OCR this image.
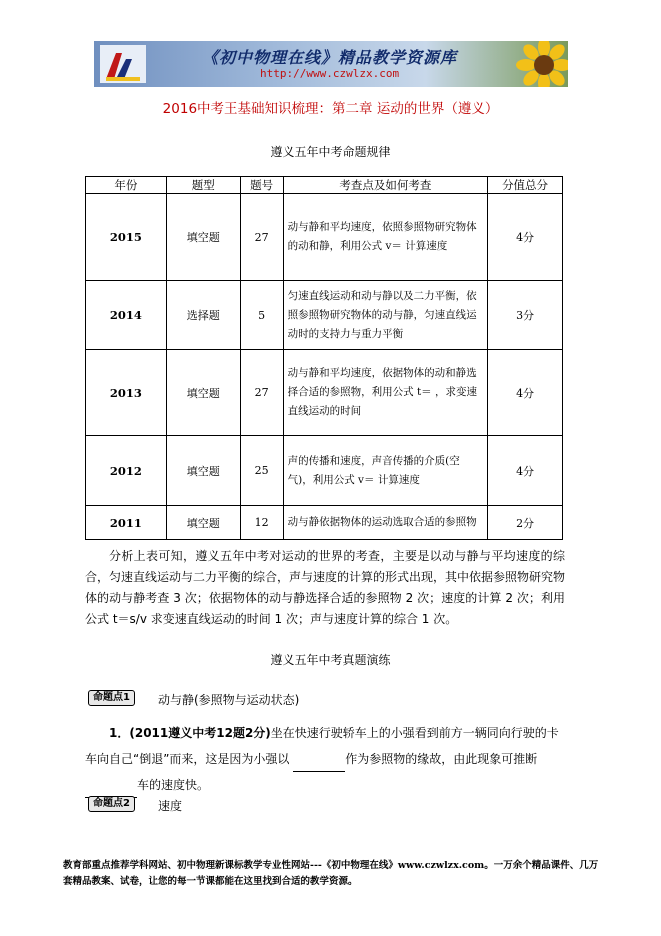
《初中物理在线》精品教学资源库
http://www.czwlzx.com
2016中考王基础知识梳理：第二章 运动的世界（遵义）
遵义五年中考命题规律
年份	题型	题号	考查点及如何考查	分值总分
2015	填空题	27	动与静和平均速度，依照参照物研究物体的动和静，利用公式 v＝ 计算速度	4分
2014	选择题	5	匀速直线运动和动与静以及二力平衡，依照参照物研究物体的动与静，匀速直线运动时的支持力与重力平衡	3分
2013	填空题	27	动与静和平均速度，依据物体的动和静选择合适的参照物，利用公式 t＝ ，求变速直线运动的时间	4分
2012	填空题	25	声的传播和速度，声音传播的介质(空气)，利用公式 v＝ 计算速度	4分
2011	填空题	12	动与静依据物体的运动选取合适的参照物	2分

分析上表可知，遵义五年中考对运动的世界的考查，主要是以动与静与平均速度的综合，匀速直线运动与二力平衡的综合，声与速度的计算的形式出现，其中依据参照物研究物体的动与静考查 3 次；依据物体的动与静选择合适的参照物 2 次；速度的计算 2 次；利用公式 t＝s/v 求变速直线运动的时间 1 次；声与速度计算的综合 1 次。

遵义五年中考真题演练
命题点1	动与静(参照物与运动状态)

1．(2011遵义中考12题2分)坐在快速行驶轿车上的小强看到前方一辆同向行驶的卡车向自己“倒退”而来，这是因为小强以	作为参照物的缘故，由此现象可推断 车的速度快。

命题点2	速度
教育部重点推荐学科网站、初中物理新课标教学专业性网站---《初中物理在线》www.czwlzx.com。一万余个精品课件、几万套精品教案、试卷，让您的每一节课都能在这里找到合适的教学资源。
